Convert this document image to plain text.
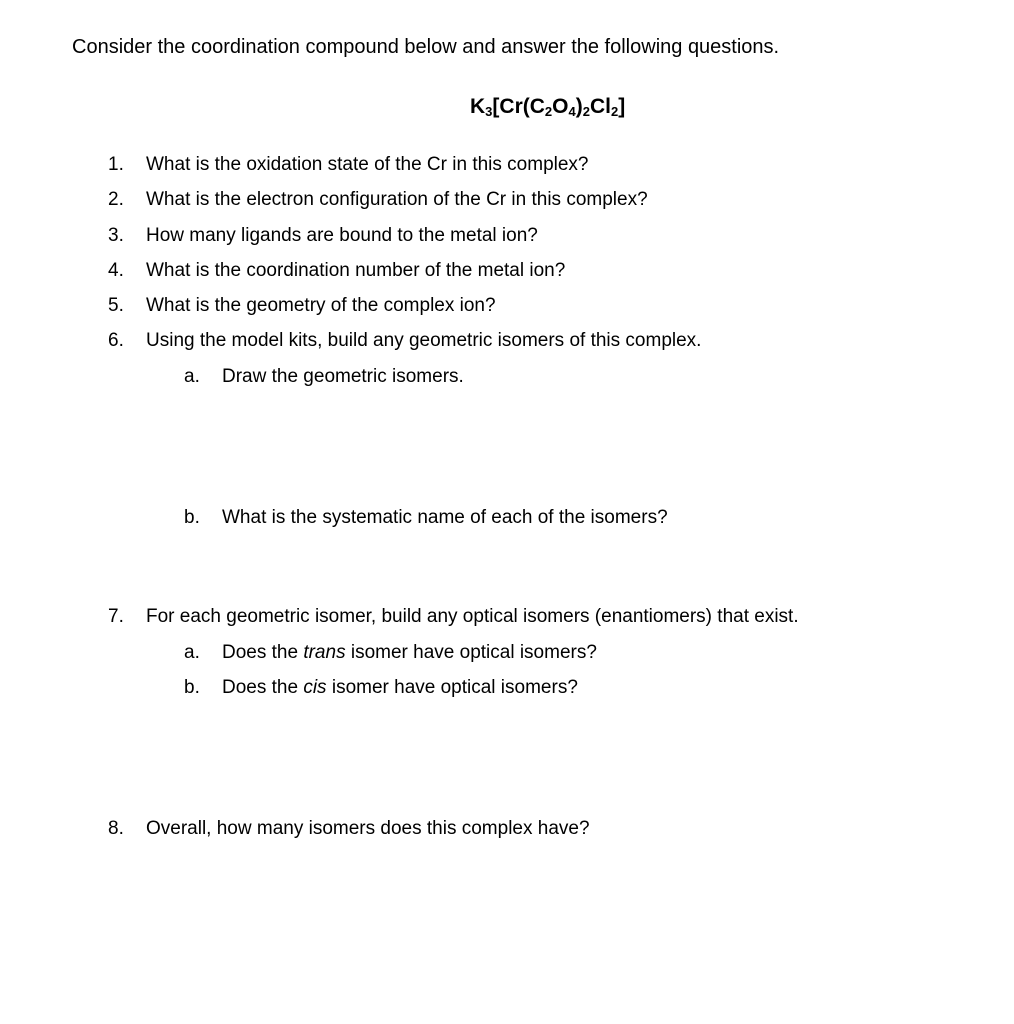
Consider the coordination compound below and answer the following questions.
$K_3[Cr(C_2O_4)_2Cl_2]$
1.	What is the oxidation state of the Cr in this complex?
2.	What is the electron configuration of the Cr in this complex?
3.	How many ligands are bound to the metal ion?
4.	What is the coordination number of the metal ion?
5.	What is the geometry of the complex ion?
6.	Using the model kits, build any geometric isomers of this complex.
a.	Draw the geometric isomers.
b.	What is the systematic name of each of the isomers?
7.	For each geometric isomer, build any optical isomers (enantiomers) that exist.
a.	Does the trans isomer have optical isomers?
b.	Does the cis isomer have optical isomers?
8.	Overall, how many isomers does this complex have?
